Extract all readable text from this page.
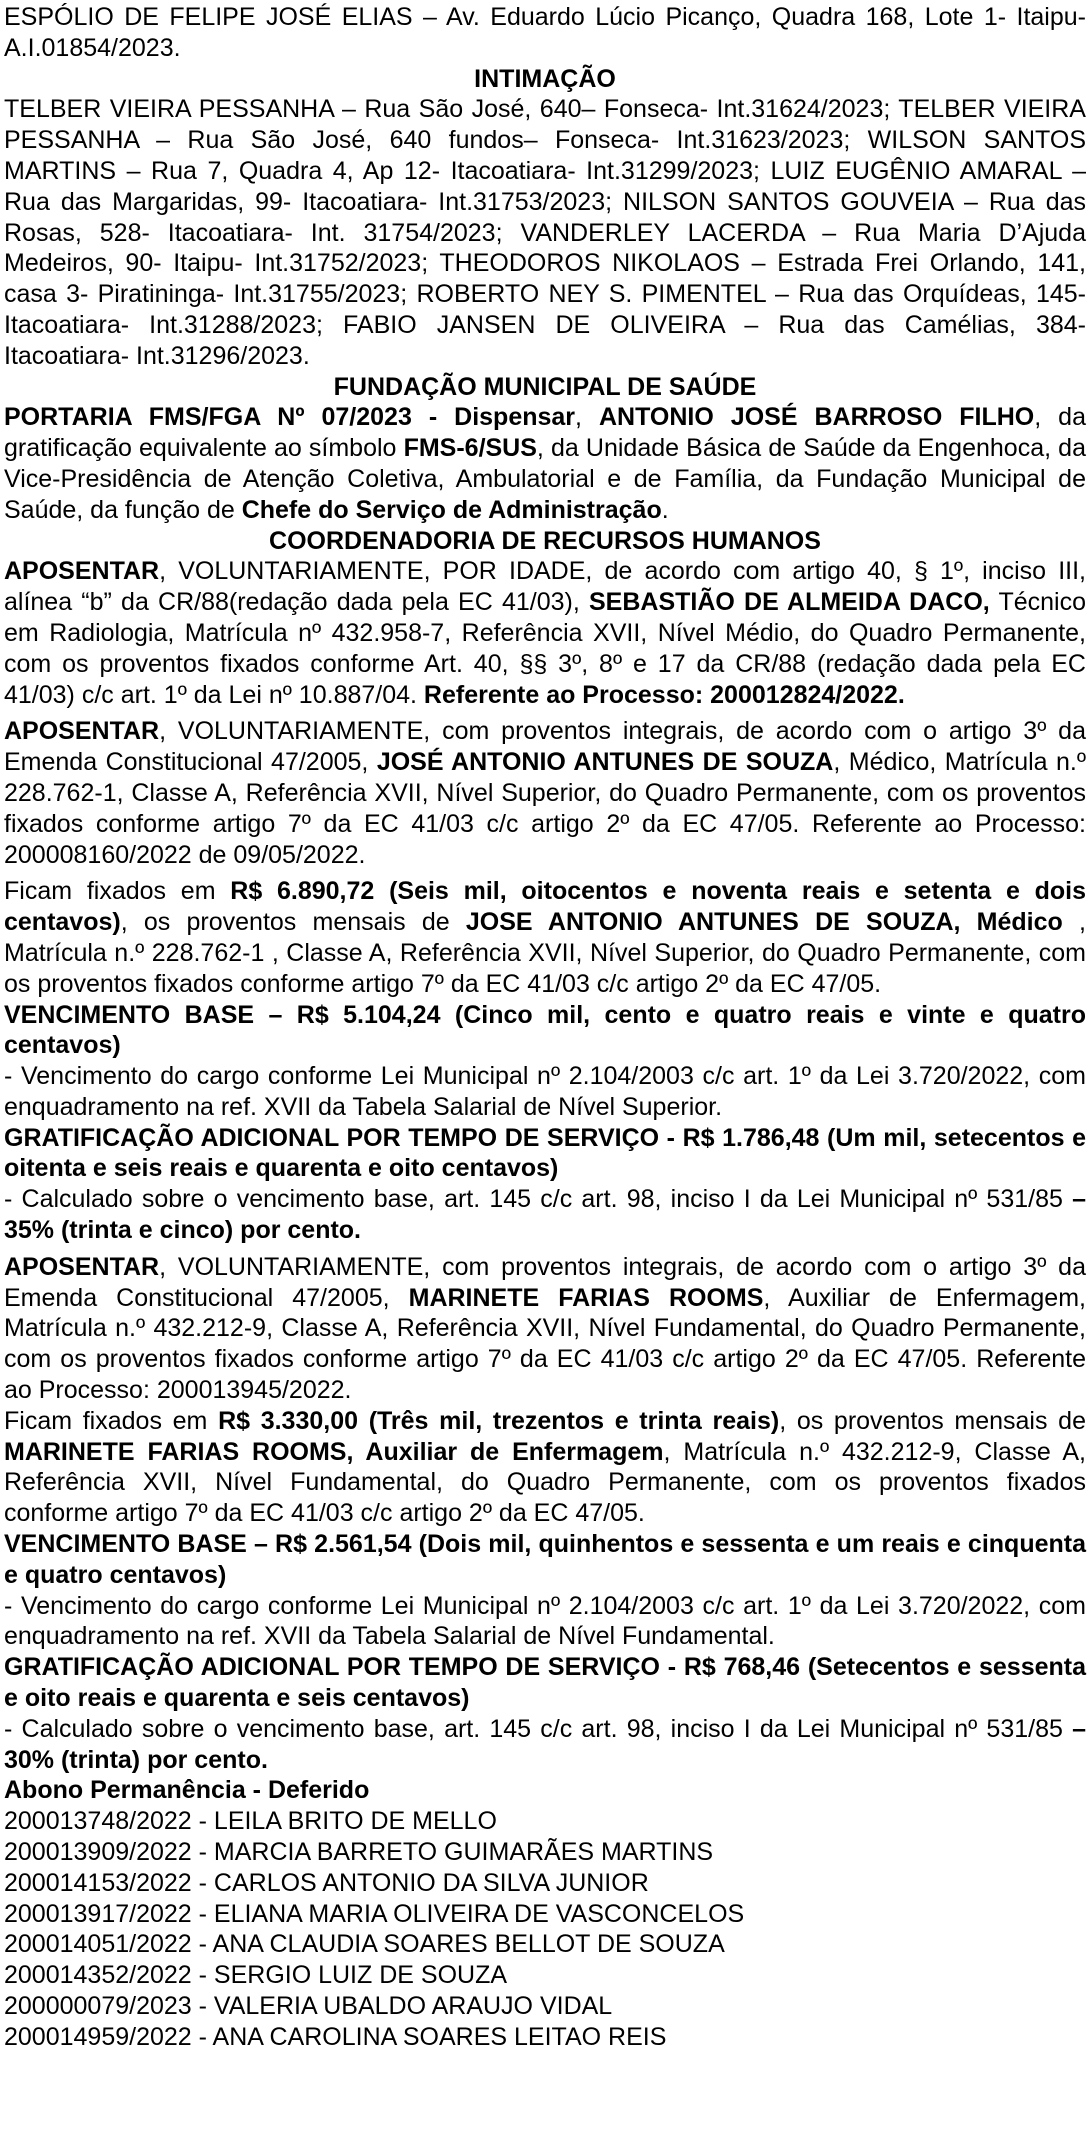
ESPÓLIO DE FELIPE JOSÉ ELIAS – Av. Eduardo Lúcio Picanço, Quadra 168, Lote 1- Itaipu- A.I.01854/2023.

INTIMAÇÃO

TELBER VIEIRA PESSANHA – Rua São José, 640– Fonseca- Int.31624/2023; TELBER VIEIRA PESSANHA – Rua São José, 640 fundos– Fonseca- Int.31623/2023; WILSON SANTOS MARTINS – Rua 7, Quadra 4, Ap 12- Itacoatiara- Int.31299/2023; LUIZ EUGÊNIO AMARAL – Rua das Margaridas, 99- Itacoatiara- Int.31753/2023; NILSON SANTOS GOUVEIA – Rua das Rosas, 528- Itacoatiara- Int. 31754/2023; VANDERLEY LACERDA – Rua Maria D’Ajuda Medeiros, 90- Itaipu- Int.31752/2023; THEODOROS NIKOLAOS – Estrada Frei Orlando, 141, casa 3- Piratininga- Int.31755/2023; ROBERTO NEY S. PIMENTEL – Rua das Orquídeas, 145- Itacoatiara- Int.31288/2023; FABIO JANSEN DE OLIVEIRA – Rua das Camélias, 384- Itacoatiara- Int.31296/2023.

FUNDAÇÃO MUNICIPAL DE SAÚDE

PORTARIA FMS/FGA Nº 07/2023 - Dispensar, ANTONIO JOSÉ BARROSO FILHO, da gratificação equivalente ao símbolo FMS-6/SUS, da Unidade Básica de Saúde da Engenhoca, da Vice-Presidência de Atenção Coletiva, Ambulatorial e de Família, da Fundação Municipal de Saúde, da função de Chefe do Serviço de Administração.

COORDENADORIA DE RECURSOS HUMANOS

APOSENTAR, VOLUNTARIAMENTE, POR IDADE, de acordo com artigo 40, § 1º, inciso III, alínea “b” da CR/88(redação dada pela EC 41/03), SEBASTIÃO DE ALMEIDA DACO, Técnico em Radiologia, Matrícula nº 432.958-7, Referência XVII, Nível Médio, do Quadro Permanente, com os proventos fixados conforme Art. 40, §§ 3º, 8º e 17 da CR/88 (redação dada pela EC 41/03) c/c art. 1º da Lei nº 10.887/04. Referente ao Processo: 200012824/2022.

APOSENTAR, VOLUNTARIAMENTE, com proventos integrais, de acordo com o artigo 3º da Emenda Constitucional 47/2005, JOSÉ ANTONIO ANTUNES DE SOUZA, Médico, Matrícula n.º 228.762-1, Classe A, Referência XVII, Nível Superior, do Quadro Permanente, com os proventos fixados conforme artigo 7º da EC 41/03 c/c artigo 2º da EC 47/05. Referente ao Processo: 200008160/2022 de 09/05/2022.

Ficam fixados em R$ 6.890,72 (Seis mil, oitocentos e noventa reais e setenta e dois centavos), os proventos mensais de JOSE ANTONIO ANTUNES DE SOUZA, Médico , Matrícula n.º 228.762-1 , Classe A, Referência XVII, Nível Superior, do Quadro Permanente, com os proventos fixados conforme artigo 7º da EC 41/03 c/c artigo 2º da EC 47/05.

VENCIMENTO BASE – R$ 5.104,24 (Cinco mil, cento e quatro reais e vinte e quatro centavos)

- Vencimento do cargo conforme Lei Municipal nº 2.104/2003 c/c art. 1º da Lei 3.720/2022, com enquadramento na ref. XVII da Tabela Salarial de Nível Superior.

GRATIFICAÇÃO ADICIONAL POR TEMPO DE SERVIÇO - R$ 1.786,48 (Um mil, setecentos e oitenta e seis reais e quarenta e oito centavos)

- Calculado sobre o vencimento base, art. 145 c/c art. 98, inciso I da Lei Municipal nº 531/85 – 35% (trinta e cinco) por cento.

APOSENTAR, VOLUNTARIAMENTE, com proventos integrais, de acordo com o artigo 3º da Emenda Constitucional 47/2005, MARINETE FARIAS ROOMS, Auxiliar de Enfermagem, Matrícula n.º 432.212-9, Classe A, Referência XVII, Nível Fundamental, do Quadro Permanente, com os proventos fixados conforme artigo 7º da EC 41/03 c/c artigo 2º da EC 47/05. Referente ao Processo: 200013945/2022.

Ficam fixados em R$ 3.330,00 (Três mil, trezentos e trinta reais), os proventos mensais de MARINETE FARIAS ROOMS, Auxiliar de Enfermagem, Matrícula n.º 432.212-9, Classe A, Referência XVII, Nível Fundamental, do Quadro Permanente, com os proventos fixados conforme artigo 7º da EC 41/03 c/c artigo 2º da EC 47/05.

VENCIMENTO BASE – R$ 2.561,54 (Dois mil, quinhentos e sessenta e um reais e cinquenta e quatro centavos)

- Vencimento do cargo conforme Lei Municipal nº 2.104/2003 c/c art. 1º da Lei 3.720/2022, com enquadramento na ref. XVII da Tabela Salarial de Nível Fundamental.

GRATIFICAÇÃO ADICIONAL POR TEMPO DE SERVIÇO - R$ 768,46 (Setecentos e sessenta e oito reais e quarenta e seis centavos)

- Calculado sobre o vencimento base, art. 145 c/c art. 98, inciso I da Lei Municipal nº 531/85 – 30% (trinta) por cento.

Abono Permanência - Deferido

200013748/2022 - LEILA BRITO DE MELLO

200013909/2022 - MARCIA BARRETO GUIMARÃES MARTINS

200014153/2022 - CARLOS ANTONIO DA SILVA JUNIOR

200013917/2022 - ELIANA MARIA OLIVEIRA DE VASCONCELOS

200014051/2022 - ANA CLAUDIA SOARES BELLOT DE SOUZA

200014352/2022 - SERGIO LUIZ DE SOUZA

200000079/2023 - VALERIA UBALDO ARAUJO VIDAL

200014959/2022 - ANA CAROLINA SOARES LEITAO REIS
